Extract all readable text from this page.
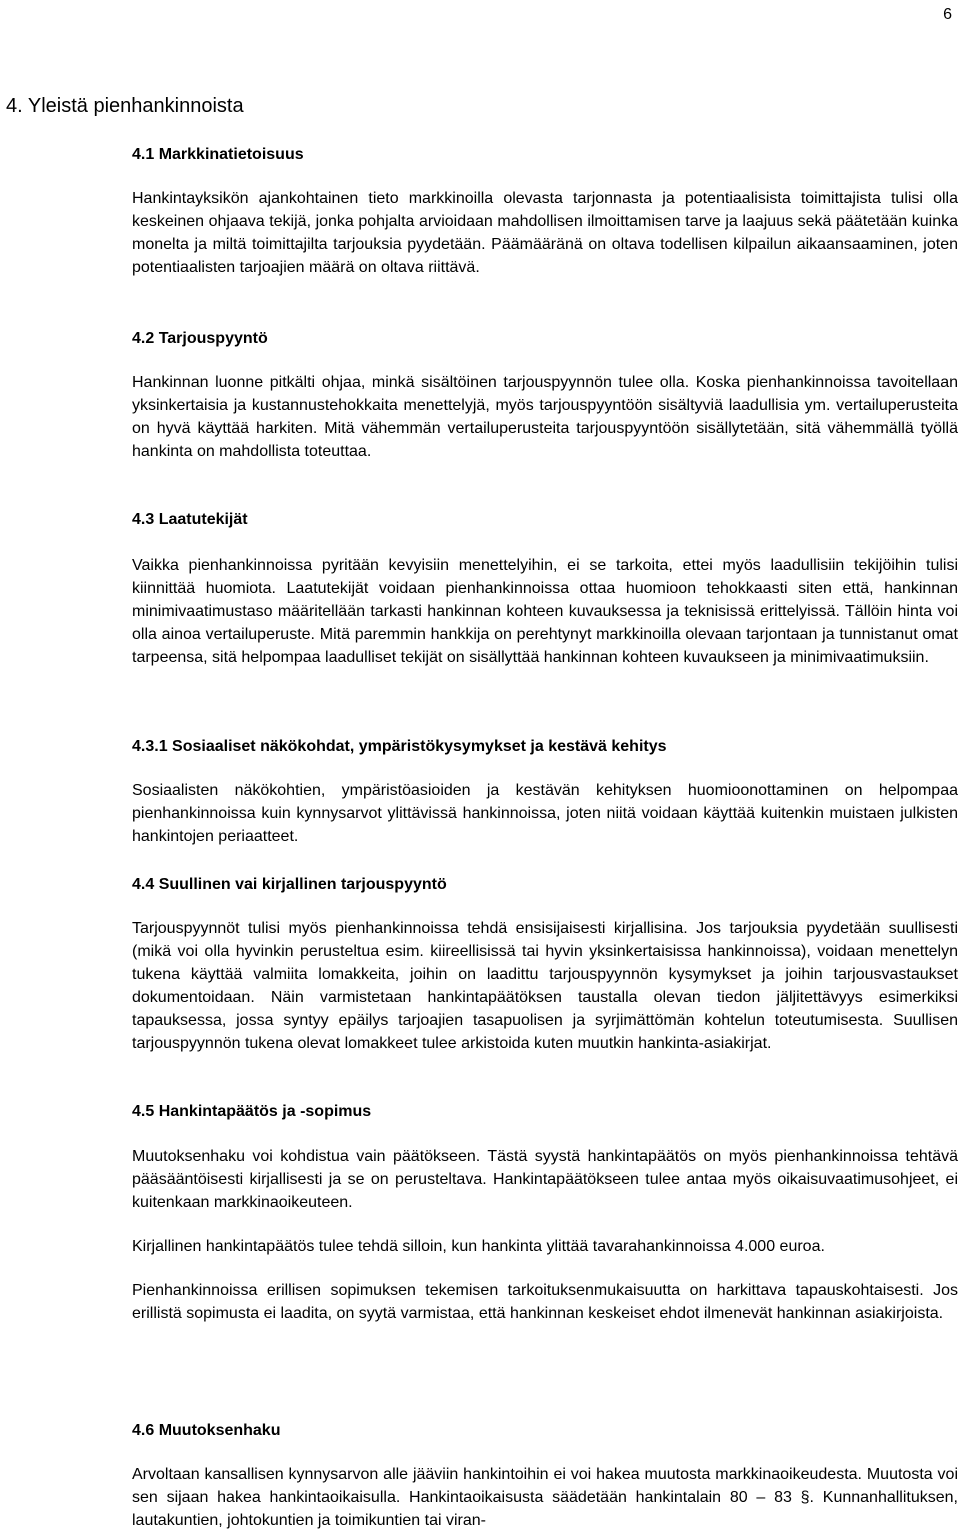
6
4. Yleistä pienhankinnoista
4.1 Markkinatietoisuus

Hankintayksikön ajankohtainen tieto markkinoilla olevasta tarjonnasta ja potentiaalisista toimittajista tulisi olla keskeinen ohjaava tekijä, jonka pohjalta arvioidaan mahdollisen ilmoittamisen tarve ja laajuus sekä päätetään kuinka monelta ja miltä toimittajilta tarjouksia pyydetään. Päämääränä on oltava todellisen kilpailun aikaansaaminen, joten potentiaalisten tarjoajien määrä on oltava riittävä.

4.2 Tarjouspyyntö

Hankinnan luonne pitkälti ohjaa, minkä sisältöinen tarjouspyynnön tulee olla. Koska pienhankinnoissa tavoitellaan yksinkertaisia ja kustannustehokkaita menettelyjä, myös tarjouspyyntöön sisältyviä laadullisia ym. vertailuperusteita on hyvä käyttää harkiten. Mitä vähemmän vertailuperusteita tarjouspyyntöön sisällytetään, sitä vähemmällä työllä hankinta on mahdollista toteuttaa.

4.3 Laatutekijät

Vaikka pienhankinnoissa pyritään kevyisiin menettelyihin, ei se tarkoita, ettei myös laadullisiin tekijöihin tulisi kiinnittää huomiota. Laatutekijät voidaan pienhankinnoissa ottaa huomioon tehokkaasti siten että, hankinnan minimivaatimustaso määritellään tarkasti hankinnan kohteen kuvauksessa ja teknisissä erittelyissä. Tällöin hinta voi olla ainoa vertailuperuste. Mitä paremmin hankkija on perehtynyt markkinoilla olevaan tarjontaan ja tunnistanut omat tarpeensa, sitä helpompaa laadulliset tekijät on sisällyttää hankinnan kohteen kuvaukseen ja minimivaatimuksiin.

4.3.1 Sosiaaliset näkökohdat, ympäristökysymykset ja kestävä kehitys

Sosiaalisten näkökohtien, ympäristöasioiden ja kestävän kehityksen huomioonottaminen on helpompaa pienhankinnoissa kuin kynnysarvot ylittävissä hankinnoissa, joten niitä voidaan käyttää kuitenkin muistaen julkisten hankintojen periaatteet.

4.4 Suullinen vai kirjallinen tarjouspyyntö

Tarjouspyynnöt tulisi myös pienhankinnoissa tehdä ensisijaisesti kirjallisina. Jos tarjouksia pyydetään suullisesti (mikä voi olla hyvinkin perusteltua esim. kiireellisissä tai hyvin yksinkertaisissa hankinnoissa), voidaan menettelyn tukena käyttää valmiita lomakkeita, joihin on laadittu tarjouspyynnön kysymykset ja joihin tarjousvastaukset dokumentoidaan. Näin varmistetaan hankintapäätöksen taustalla olevan tiedon jäljitettävyys esimerkiksi tapauksessa, jossa syntyy epäilys tarjoajien tasapuolisen ja syrjimättömän kohtelun toteutumisesta. Suullisen tarjouspyynnön tukena olevat lomakkeet tulee arkistoida kuten muutkin hankinta-asiakirjat.

4.5 Hankintapäätös ja -sopimus

Muutoksenhaku voi kohdistua vain päätökseen. Tästä syystä hankintapäätös on myös pienhankinnoissa tehtävä pääsääntöisesti kirjallisesti ja se on perusteltava. Hankintapäätökseen tulee antaa myös oikaisuvaatimusohjeet, ei kuitenkaan markkinaoikeuteen.

Kirjallinen hankintapäätös tulee tehdä silloin, kun hankinta ylittää tavarahankinnoissa 4.000 euroa.

Pienhankinnoissa erillisen sopimuksen tekemisen tarkoituksenmukaisuutta on harkittava tapauskohtaisesti. Jos erillistä sopimusta ei laadita, on syytä varmistaa, että hankinnan keskeiset ehdot ilmenevät hankinnan asiakirjoista.

4.6 Muutoksenhaku

Arvoltaan kansallisen kynnysarvon alle jääviin hankintoihin ei voi hakea muutosta markkinaoikeudesta. Muutosta voi sen sijaan hakea hankintaoikaisulla. Hankintaoikaisusta säädetään hankintalain 80 – 83 §. Kunnanhallituksen, lautakuntien, johtokuntien ja toimikuntien tai viran-
